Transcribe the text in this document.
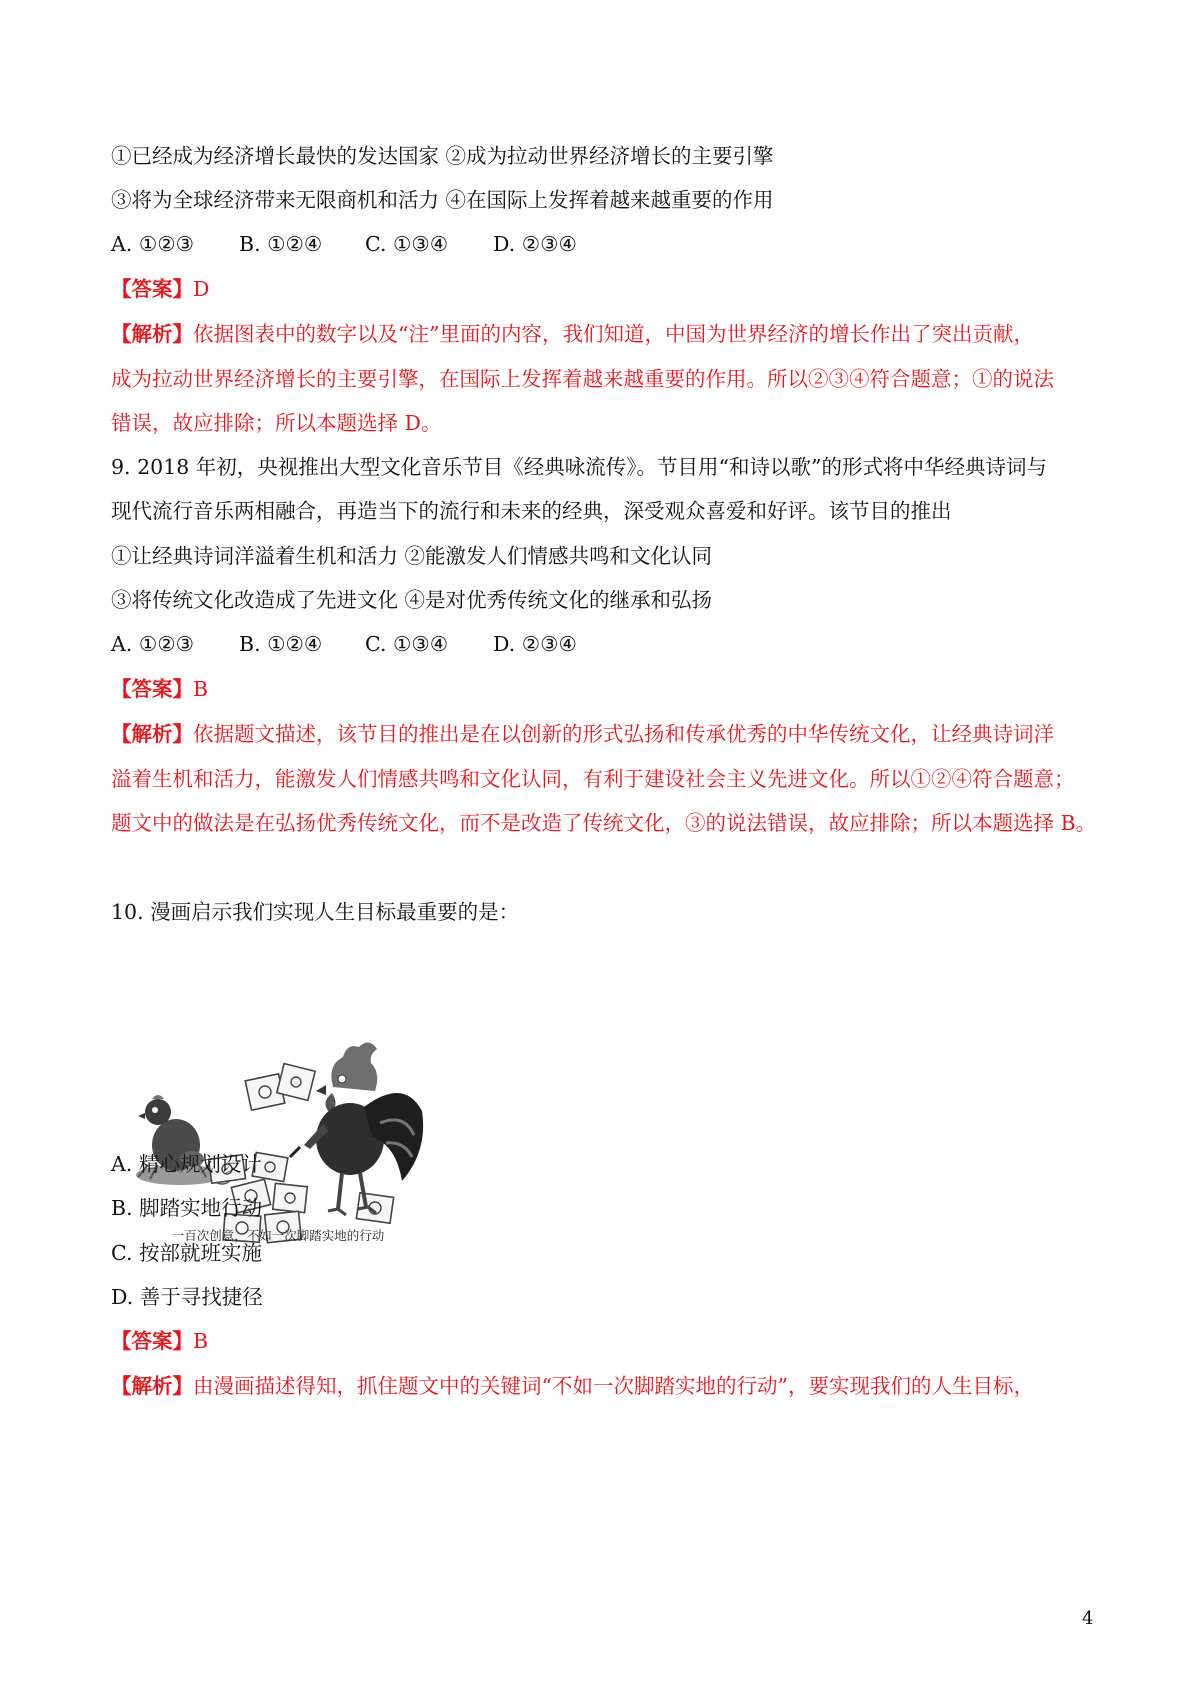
①已经成为经济增长最快的发达国家 ②成为拉动世界经济增长的主要引擎
③将为全球经济带来无限商机和活力 ④在国际上发挥着越来越重要的作用
A. ①②③ B. ①②④ C. ①③④ D. ②③④
【答案】D
【解析】依据图表中的数字以及“注”里面的内容，我们知道，中国为世界经济的增长作出了突出贡献，
成为拉动世界经济增长的主要引擎，在国际上发挥着越来越重要的作用。所以②③④符合题意；①的说法
错误，故应排除；所以本题选择 D。
9. 2018 年初，央视推出大型文化音乐节目《经典咏流传》。节目用“和诗以歌”的形式将中华经典诗词与
现代流行音乐两相融合，再造当下的流行和未来的经典，深受观众喜爱和好评。该节目的推出
①让经典诗词洋溢着生机和活力 ②能激发人们情感共鸣和文化认同
③将传统文化改造成了先进文化 ④是对优秀传统文化的继承和弘扬
A. ①②③ B. ①②④ C. ①③④ D. ②③④
【答案】B
【解析】依据题文描述，该节目的推出是在以创新的形式弘扬和传承优秀的中华传统文化，让经典诗词洋
溢着生机和活力，能激发人们情感共鸣和文化认同，有利于建设社会主义先进文化。所以①②④符合题意；
题文中的做法是在弘扬优秀传统文化，而不是改造了传统文化，③的说法错误，故应排除；所以本题选择 B。
10. 漫画启示我们实现人生目标最重要的是：
一百次创意，不如一次脚踏实地的行动
A. 精心规划设计
B. 脚踏实地行动
C. 按部就班实施
D. 善于寻找捷径
【答案】B
【解析】由漫画描述得知，抓住题文中的关键词“不如一次脚踏实地的行动”，要实现我们的人生目标，
4
